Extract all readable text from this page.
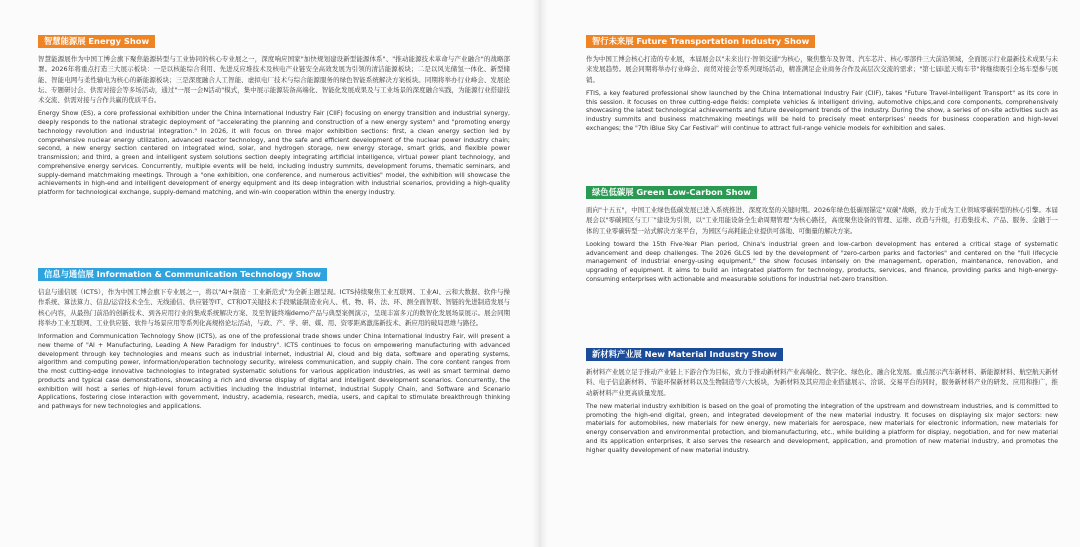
智慧能源展 Energy Show

智慧能源展作为中国工博会旗下聚焦能源转型与工业协同的核心专业展之一，深度响应国家"加快规划建设新型能源体系"、"推动能源技术革命与产业融合"的战略部署。2026年将重点打造三大展示板块：一是以核能综合利用、先进反应堆技术及核电产业链安全高效发展为引领的清洁能源板块；二是以风光储氢一体化、新型储能、智能电网与柔性输电为核心的新能源板块；三是深度融合人工智能、虚拟电厂技术与综合能源服务的绿色智能系统解决方案板块。同期将举办行业峰会、发展论坛、专题研讨会、供需对接会等多场活动，通过"一展一会N活动"模式，集中展示能源装备高端化、智能化发展成果及与工业场景的深度融合实践，为能源行业搭建技术交流、供需对接与合作共赢的优质平台。

Energy Show (ES), a core professional exhibition under the China International Industry Fair (CIIF) focusing on energy transition and industrial synergy, deeply responds to the national strategic deployment of "accelerating the planning and construction of a new energy system" and "promoting energy technology revolution and industrial integration." In 2026, it will focus on three major exhibition sections: first, a clean energy section led by comprehensive nuclear energy utilization, advanced reactor technology, and the safe and efficient development of the nuclear power industry chain; second, a new energy section centered on integrated wind, solar, and hydrogen storage, new energy storage, smart grids, and flexible power transmission; and third, a green and intelligent system solutions section deeply integrating artificial intelligence, virtual power plant technology, and comprehensive energy services. Concurrently, multiple events will be held, including industry summits, development forums, thematic seminars, and supply-demand matchmaking meetings. Through a "one exhibition, one conference, and numerous activities" model, the exhibition will showcase the achievements in high-end and intelligent development of energy equipment and its deep integration with industrial scenarios, providing a high-quality platform for technological exchange, supply-demand matching, and win-win cooperation within the energy industry.

信息与通信展 Information & Communication Technology Show

信息与通信展（ICTS），作为中国工博会旗下专业展之一，将以"AI+制造 · 工业新范式"为全新主题呈现。ICTS持续聚焦工业互联网、工业AI、云和大数据、软件与操作系统、算法算力、信息/运营技术全生、无线通信、供应链等IT、CT和OT关键技术手段赋能制造业向人、机、物、料、法、环、测全面智联、智链的先进制造发展与核心内容，从最热门前沿的创新技术、到各应用行业的集成系统解决方案、及至智能终端demo产品与典型案例演示，呈现丰富多元的数智化发展场景展示。展会同期将举办工业互联网、工业供应链、软件与场景应用等系列化高规格论坛活动，与政、产、学、研、媒、用、资零距离激荡新技术、新应用的破局思维与路径。

Information and Communication Technology Show (ICTS), as one of the professional trade shows under China International Industry Fair, will present a new theme of "AI + Manufacturing, Leading A New Paradigm for Industry". ICTS continues to focus on empowering manufacturing with advanced development through key technologies and means such as industrial internet, industrial AI, cloud and big data, software and operating systems, algorithm and computing power, information/operation technology security, wireless communication, and supply chain. The core content ranges from the most cutting-edge innovative technologies to integrated systematic solutions for various application industries, as well as smart terminal demo products and typical case demonstrations, showcasing a rich and diverse display of digital and intelligent development scenarios. Concurrently, the exhibition will host a series of high-level forum activities including the Industrial Internet, Industrial Supply Chain, and Software and Scenario Applications, fostering close interaction with government, industry, academia, research, media, users, and capital to stimulate breakthrough thinking and pathways for new technologies and applications.

智行未来展 Future Transportation Industry Show

作为中国工博会核心打造的专业展，本届展会以"未来出行·智领交通"为核心，聚焦整车及智驾、汽车芯片、核心零部件三大前沿领域，全面展示行业最新技术成果与未来发展趋势。展会同期将举办行业峰会、商贸对接会等系列现场活动，精准满足企业商务合作及高层次交流的需求；"第七届i蓝天购车节"将继续吸引全场车型参与展销。

FTIS, a key featured professional show launched by the China International Industry Fair (CIIF), takes "Future Travel-Intelligent Transport" as its core in this session. It focuses on three cutting-edge fields: complete vehicles & intelligent driving, automotive chips,and core components, comprehensively showcasing the latest technological achievements and future development trends of the industry. During the show, a series of on-site activities such as industry summits and business matchmaking meetings will be held to precisely meet enterprises' needs for business cooperation and high-level exchanges; the "7th iBlue Sky Car Festival" will continue to attract full-range vehicle models for exhibition and sales.

绿色低碳展 Green Low-Carbon Show

面向"十五五"，中国工业绿色低碳发展已进入系统推进、深度攻坚的关键时期。2026年绿色低碳展锚定"双碳"战略，致力于成为工业领域零碳转型的核心引擎。本届展会以"零碳园区与工厂"建设为引领，以"工业用能设备全生命周期管理"为核心路径，高度聚焦设备的管理、运维、改造与升级，打造集技术、产品、服务、金融于一体的工业零碳转型一站式解决方案平台，为园区与高耗能企业提供可落地、可衡量的解决方案。

Looking toward the 15th Five-Year Plan period, China's industrial green and low-carbon development has entered a critical stage of systematic advancement and deep challenges. The 2026 GLCS led by the development of "zero-carbon parks and factories" and centered on the "full lifecycle management of industrial energy-using equipment," the show focuses intensely on the management, operation, maintenance, renovation, and upgrading of equipment. It aims to build an integrated platform for technology, products, services, and finance, providing parks and high-energy-consuming enterprises with actionable and measurable solutions for industrial net-zero transition.

新材料产业展 New Material Industry Show

新材料产业展立足于推动产业链上下游合作为目标，致力于推动新材料产业高端化、数字化、绿色化、融合化发展。重点展示汽车新材料、新能源材料、航空航天新材料、电子信息新材料、节能环保新材料以及生物制造等六大板块，为新材料及其应用企业搭建展示、洽谈、交易平台的同时，服务新材料产业的研发、应用和推广，推动新材料产业更高质量发展。

The new material industry exhibition is based on the goal of promoting the integration of the upstream and downstream industries, and is committed to promoting the high-end digital, green, and integrated development of the new material industry. It focuses on displaying six major sectors: new materials for automobiles, new materials for new energy, new materials for aerospace, new materials for electronic information, new materials for energy conservation and environmental protection, and biomanufacturing, etc., while building a platform for display, negotiation, and for new material and its application enterprises, it also serves the research and development, application, and promotion of new material industry, and promotes the higher quality development of new material industry.
